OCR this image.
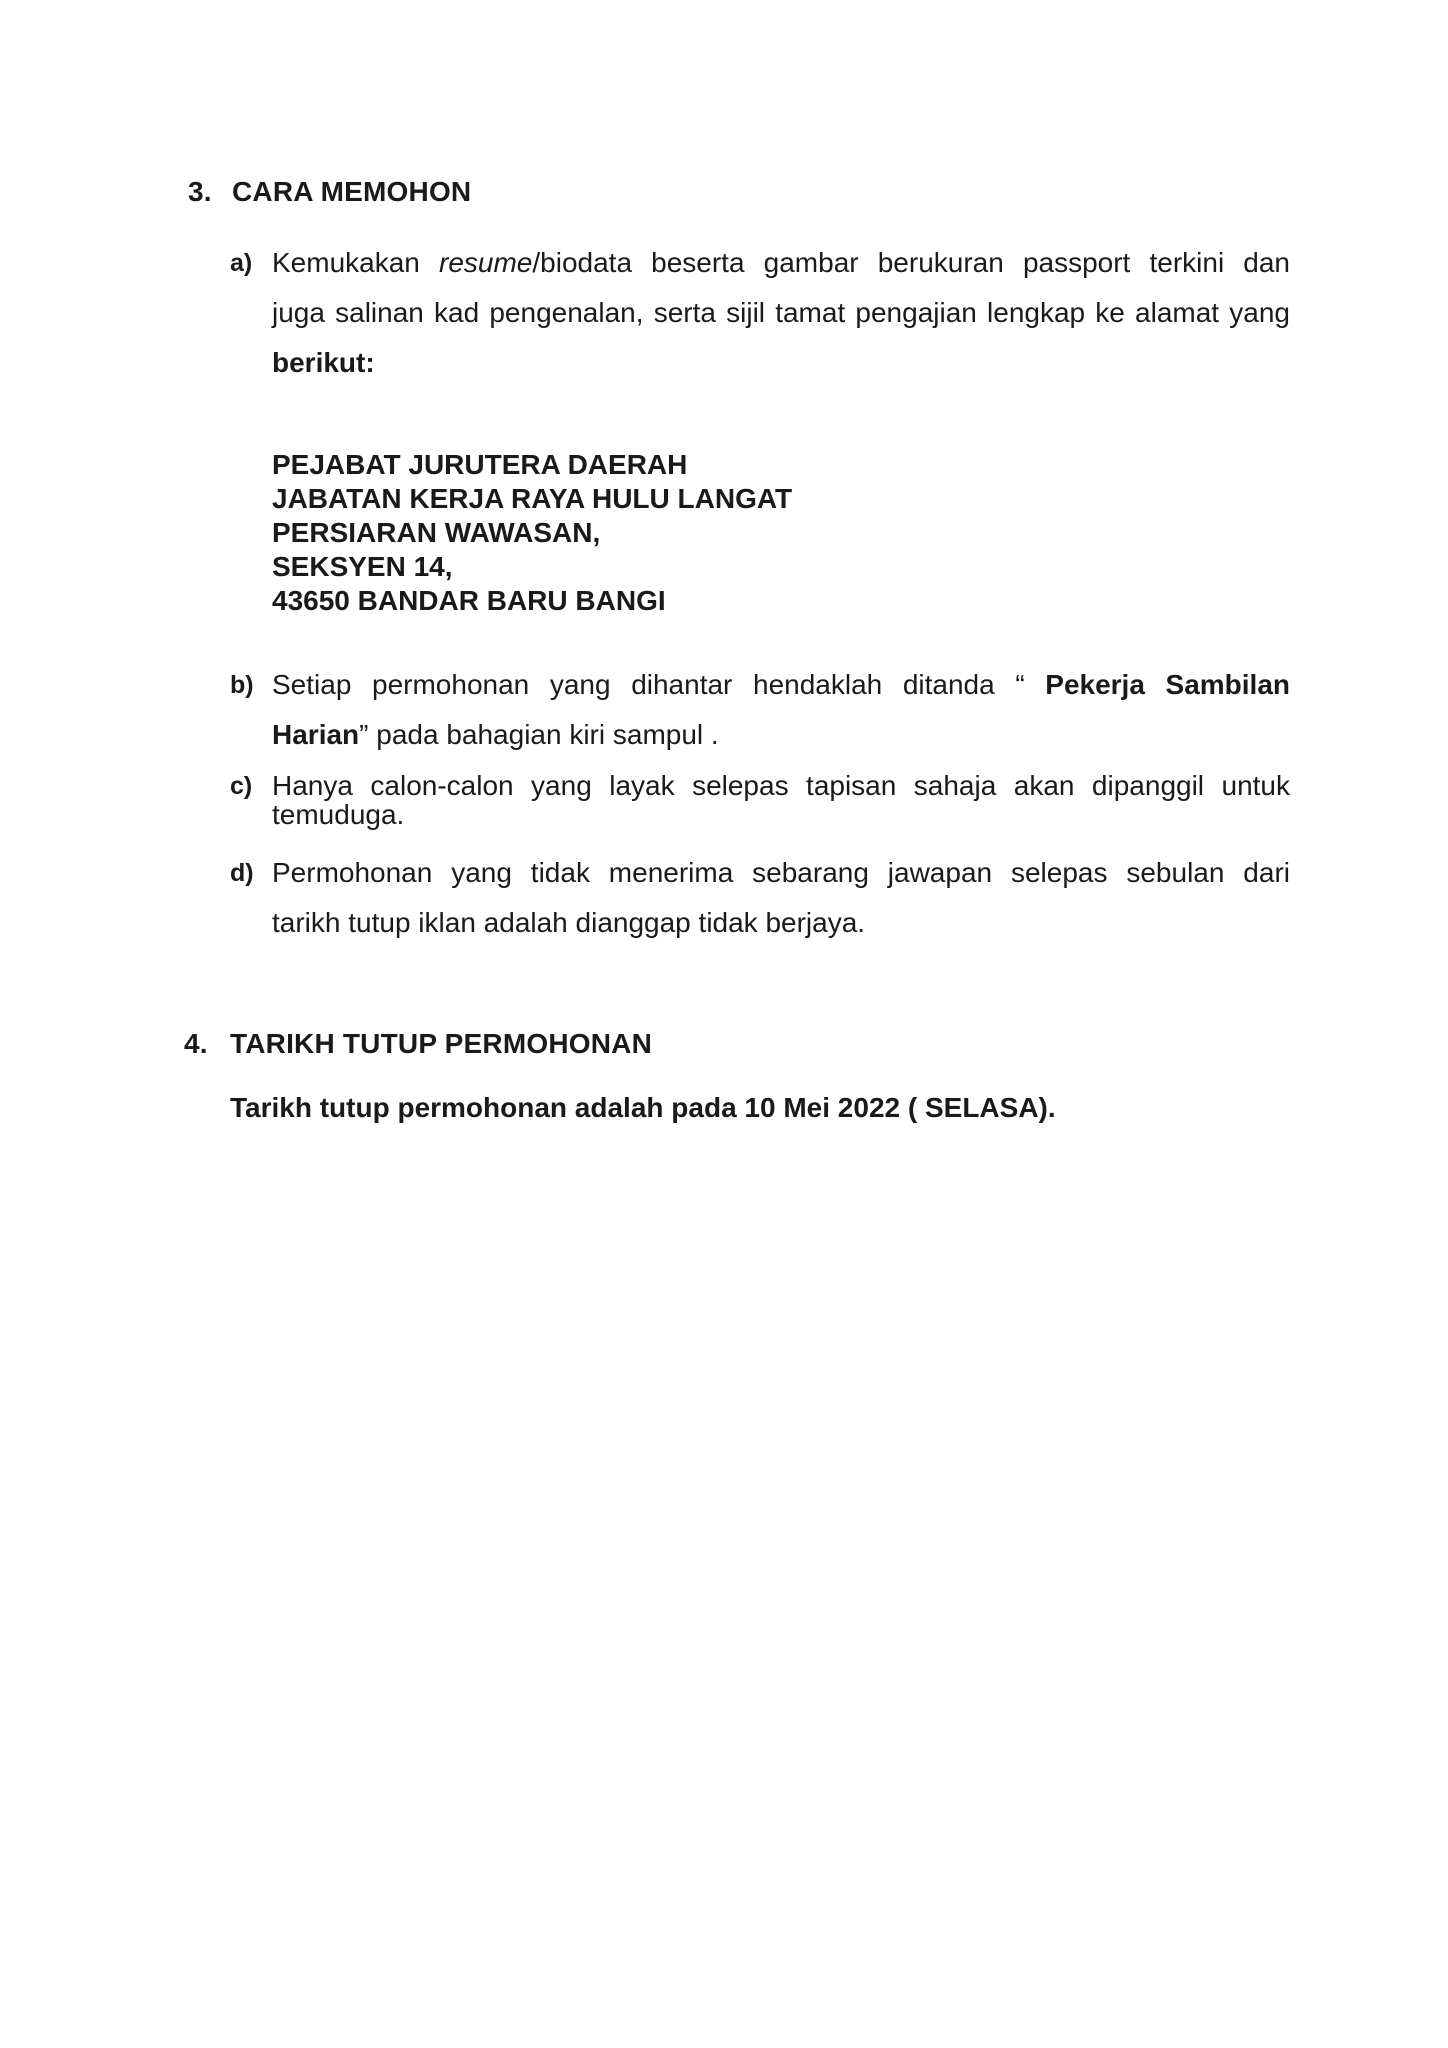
3. CARA MEMOHON
a) Kemukakan resume/biodata beserta gambar berukuran passport terkini dan
juga salinan kad pengenalan, serta sijil tamat pengajian lengkap ke alamat yang
berikut:
PEJABAT JURUTERA DAERAH
JABATAN KERJA RAYA HULU LANGAT
PERSIARAN WAWASAN,
SEKSYEN 14,
43650 BANDAR BARU BANGI
b) Setiap permohonan yang dihantar hendaklah ditanda “ Pekerja Sambilan
Harian” pada bahagian kiri sampul .
c) Hanya calon-calon yang layak selepas tapisan sahaja akan dipanggil untuk
temuduga.
d) Permohonan yang tidak menerima sebarang jawapan selepas sebulan dari
tarikh tutup iklan adalah dianggap tidak berjaya.
4. TARIKH TUTUP PERMOHONAN
Tarikh tutup permohonan adalah pada 10 Mei 2022 ( SELASA).
